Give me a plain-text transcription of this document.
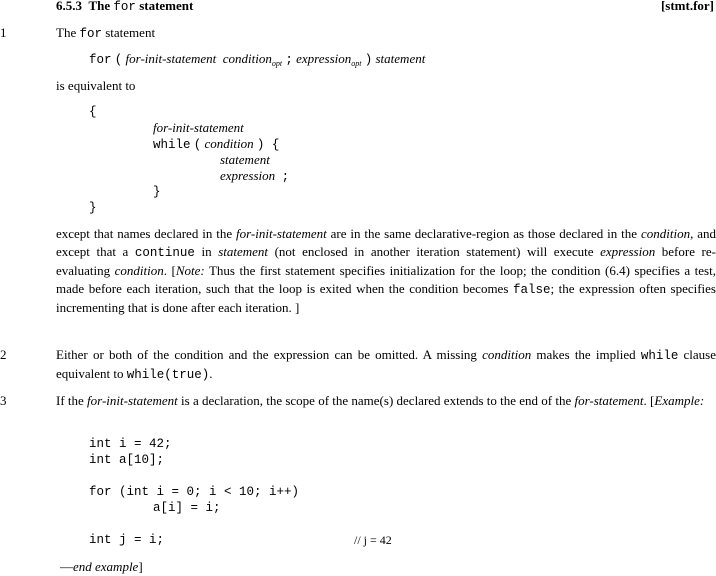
6.5.3 The for statement	[stmt.for]
1	The for statement
for ( for-init-statement condition$_{opt}$ ; expression$_{opt}$ ) statement
is equivalent to
{
for-init-statement
while ( condition ) {
statement
expression ;
}
}
except that names declared in the for-init-statement are in the same declarative-region as those declared in the condition, and except that a continue in statement (not enclosed in another iteration statement) will execute expression before re-evaluating condition. [Note: Thus the first statement specifies initialization for the loop; the condition (6.4) specifies a test, made before each iteration, such that the loop is exited when the condition becomes false; the expression often specifies incrementing that is done after each iteration. ]
2	Either or both of the condition and the expression can be omitted. A missing condition makes the implied while clause equivalent to while(true).
3	If the for-init-statement is a declaration, the scope of the name(s) declared extends to the end of the for-statement. [Example:
int i = 42;
int a[10];
for (int i = 0; i < 10; i++)
a[i] = i;
int j = i;	// j = 42
—end example]
